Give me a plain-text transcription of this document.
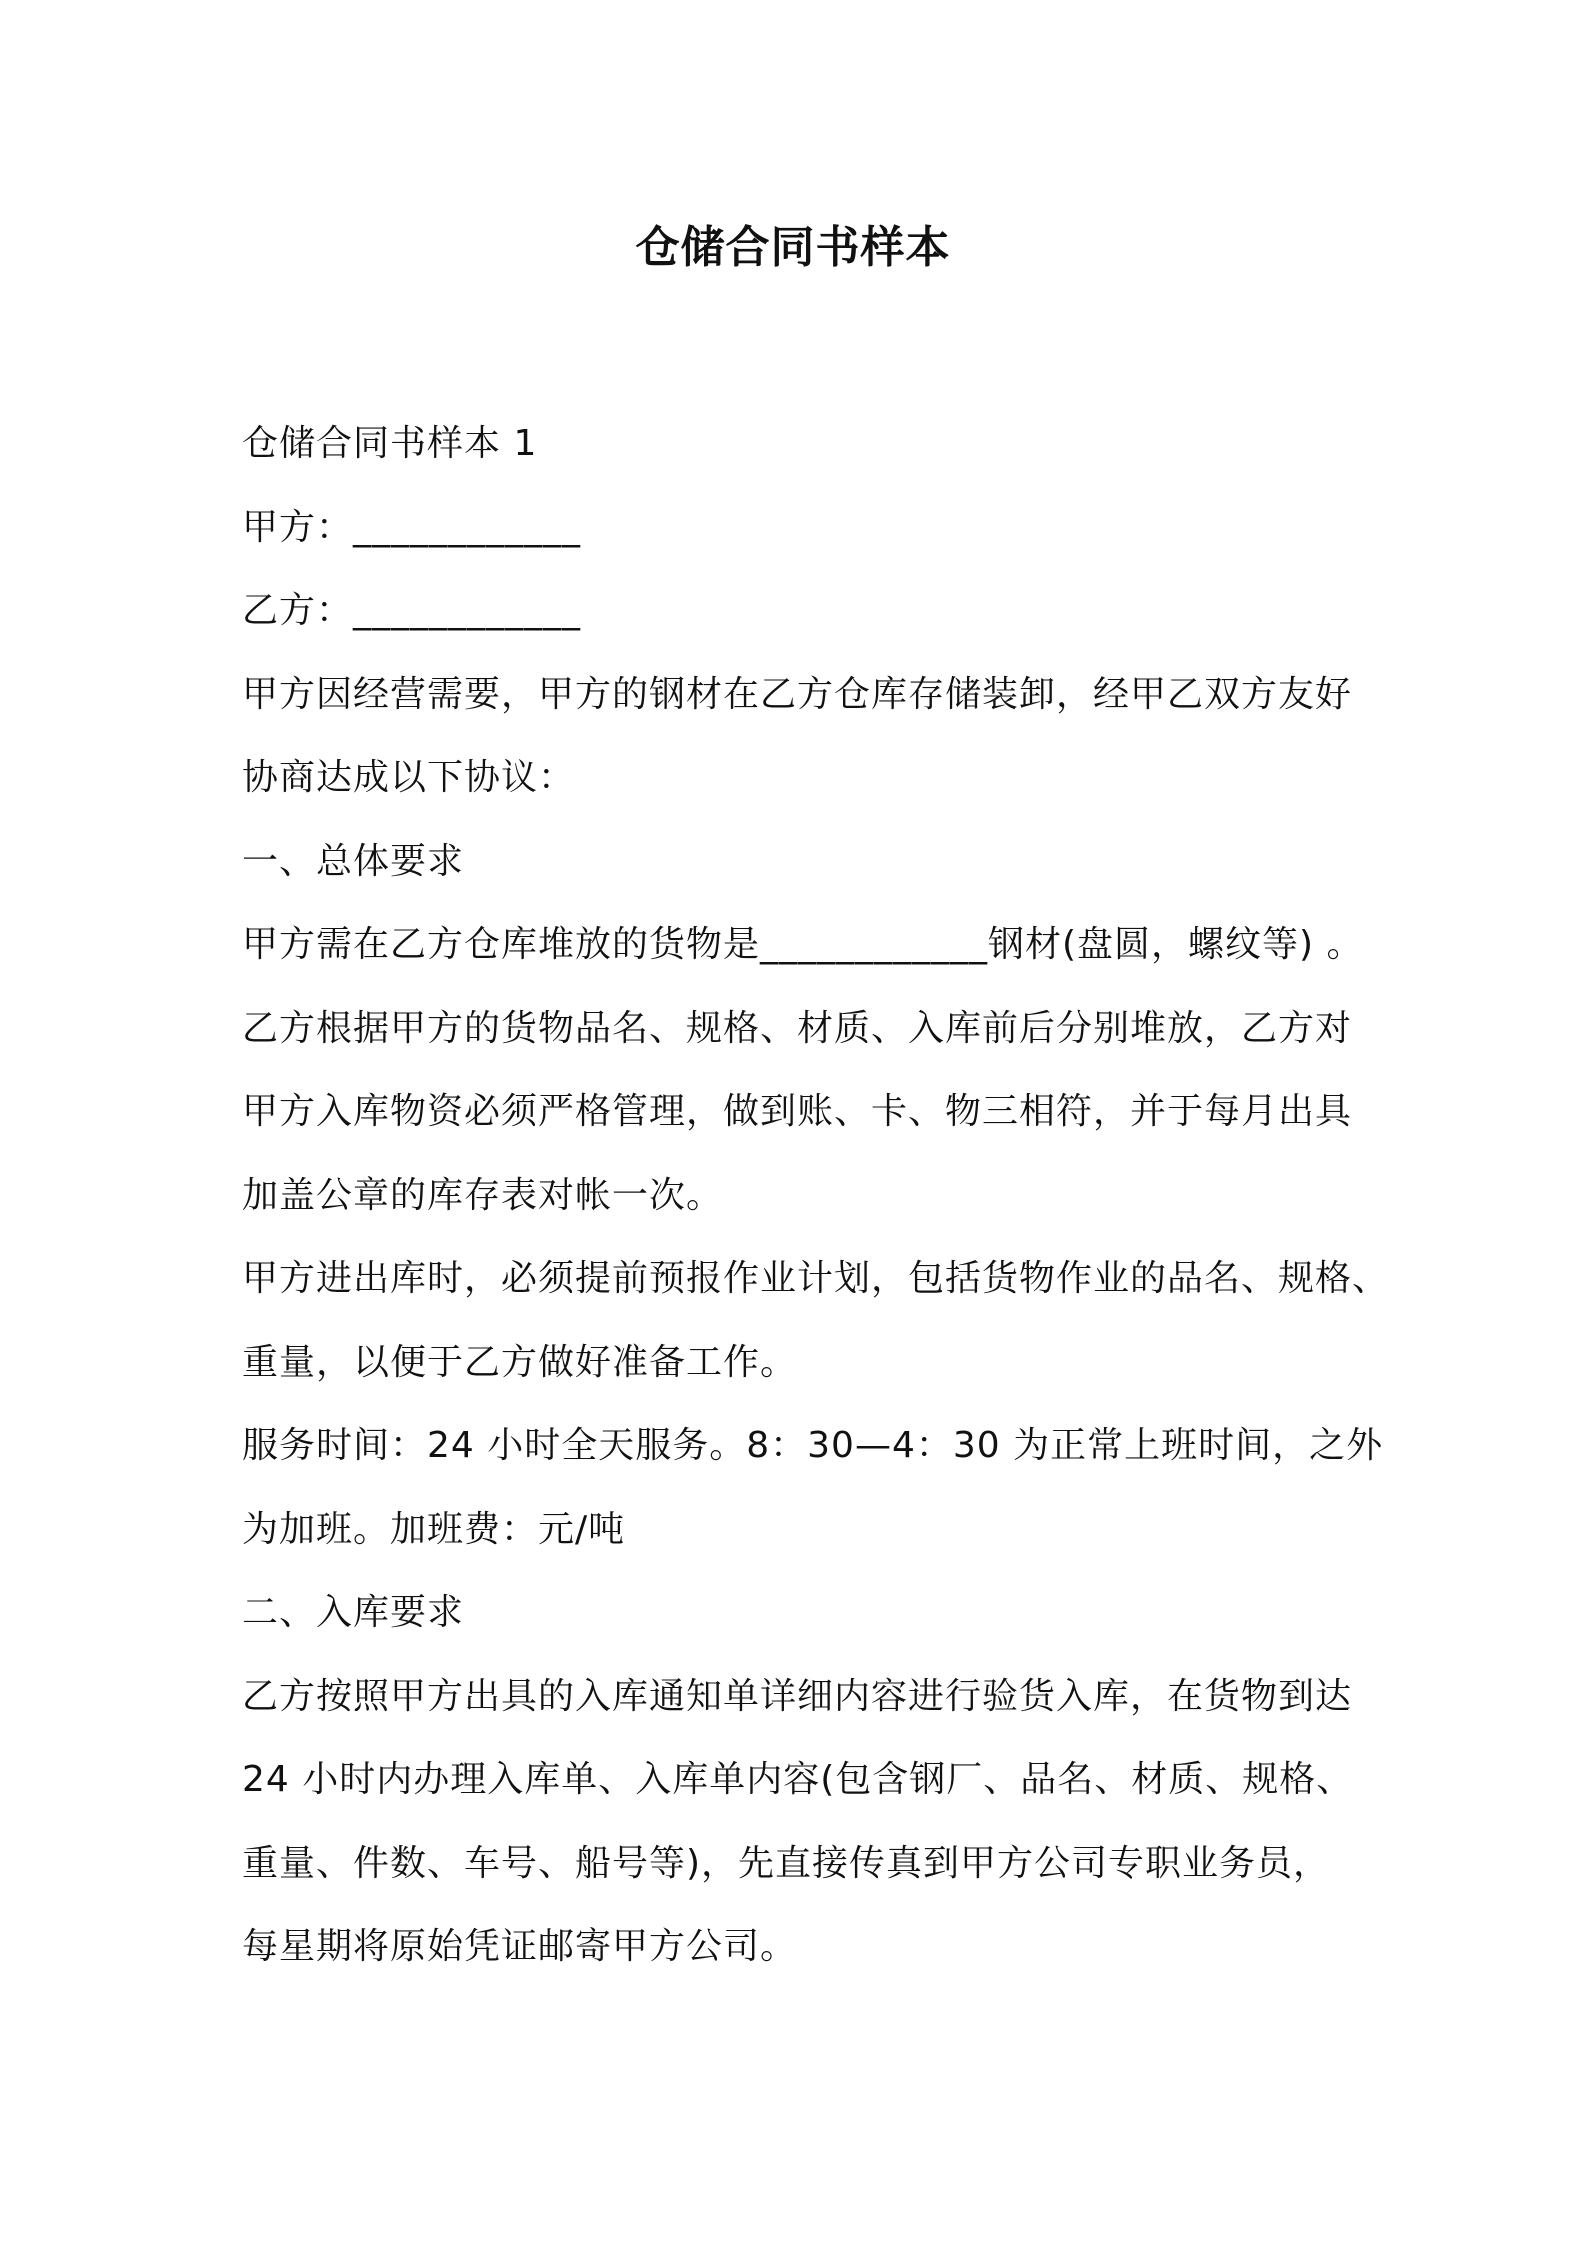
仓储合同书样本
仓储合同书样本 1
甲方：____________
乙方：____________
甲方因经营需要，甲方的钢材在乙方仓库存储装卸，经甲乙双方友好
协商达成以下协议：
一、总体要求
甲方需在乙方仓库堆放的货物是____________钢材(盘圆，螺纹等) 。
乙方根据甲方的货物品名、规格、材质、入库前后分别堆放，乙方对
甲方入库物资必须严格管理，做到账、卡、物三相符，并于每月出具
加盖公章的库存表对帐一次。
甲方进出库时，必须提前预报作业计划，包括货物作业的品名、规格、
重量，以便于乙方做好准备工作。
服务时间：24 小时全天服务。8：30—4：30 为正常上班时间，之外
为加班。加班费：元/吨
二、入库要求
乙方按照甲方出具的入库通知单详细内容进行验货入库，在货物到达
24 小时内办理入库单、入库单内容(包含钢厂、品名、材质、规格、
重量、件数、车号、船号等)，先直接传真到甲方公司专职业务员，
每星期将原始凭证邮寄甲方公司。
